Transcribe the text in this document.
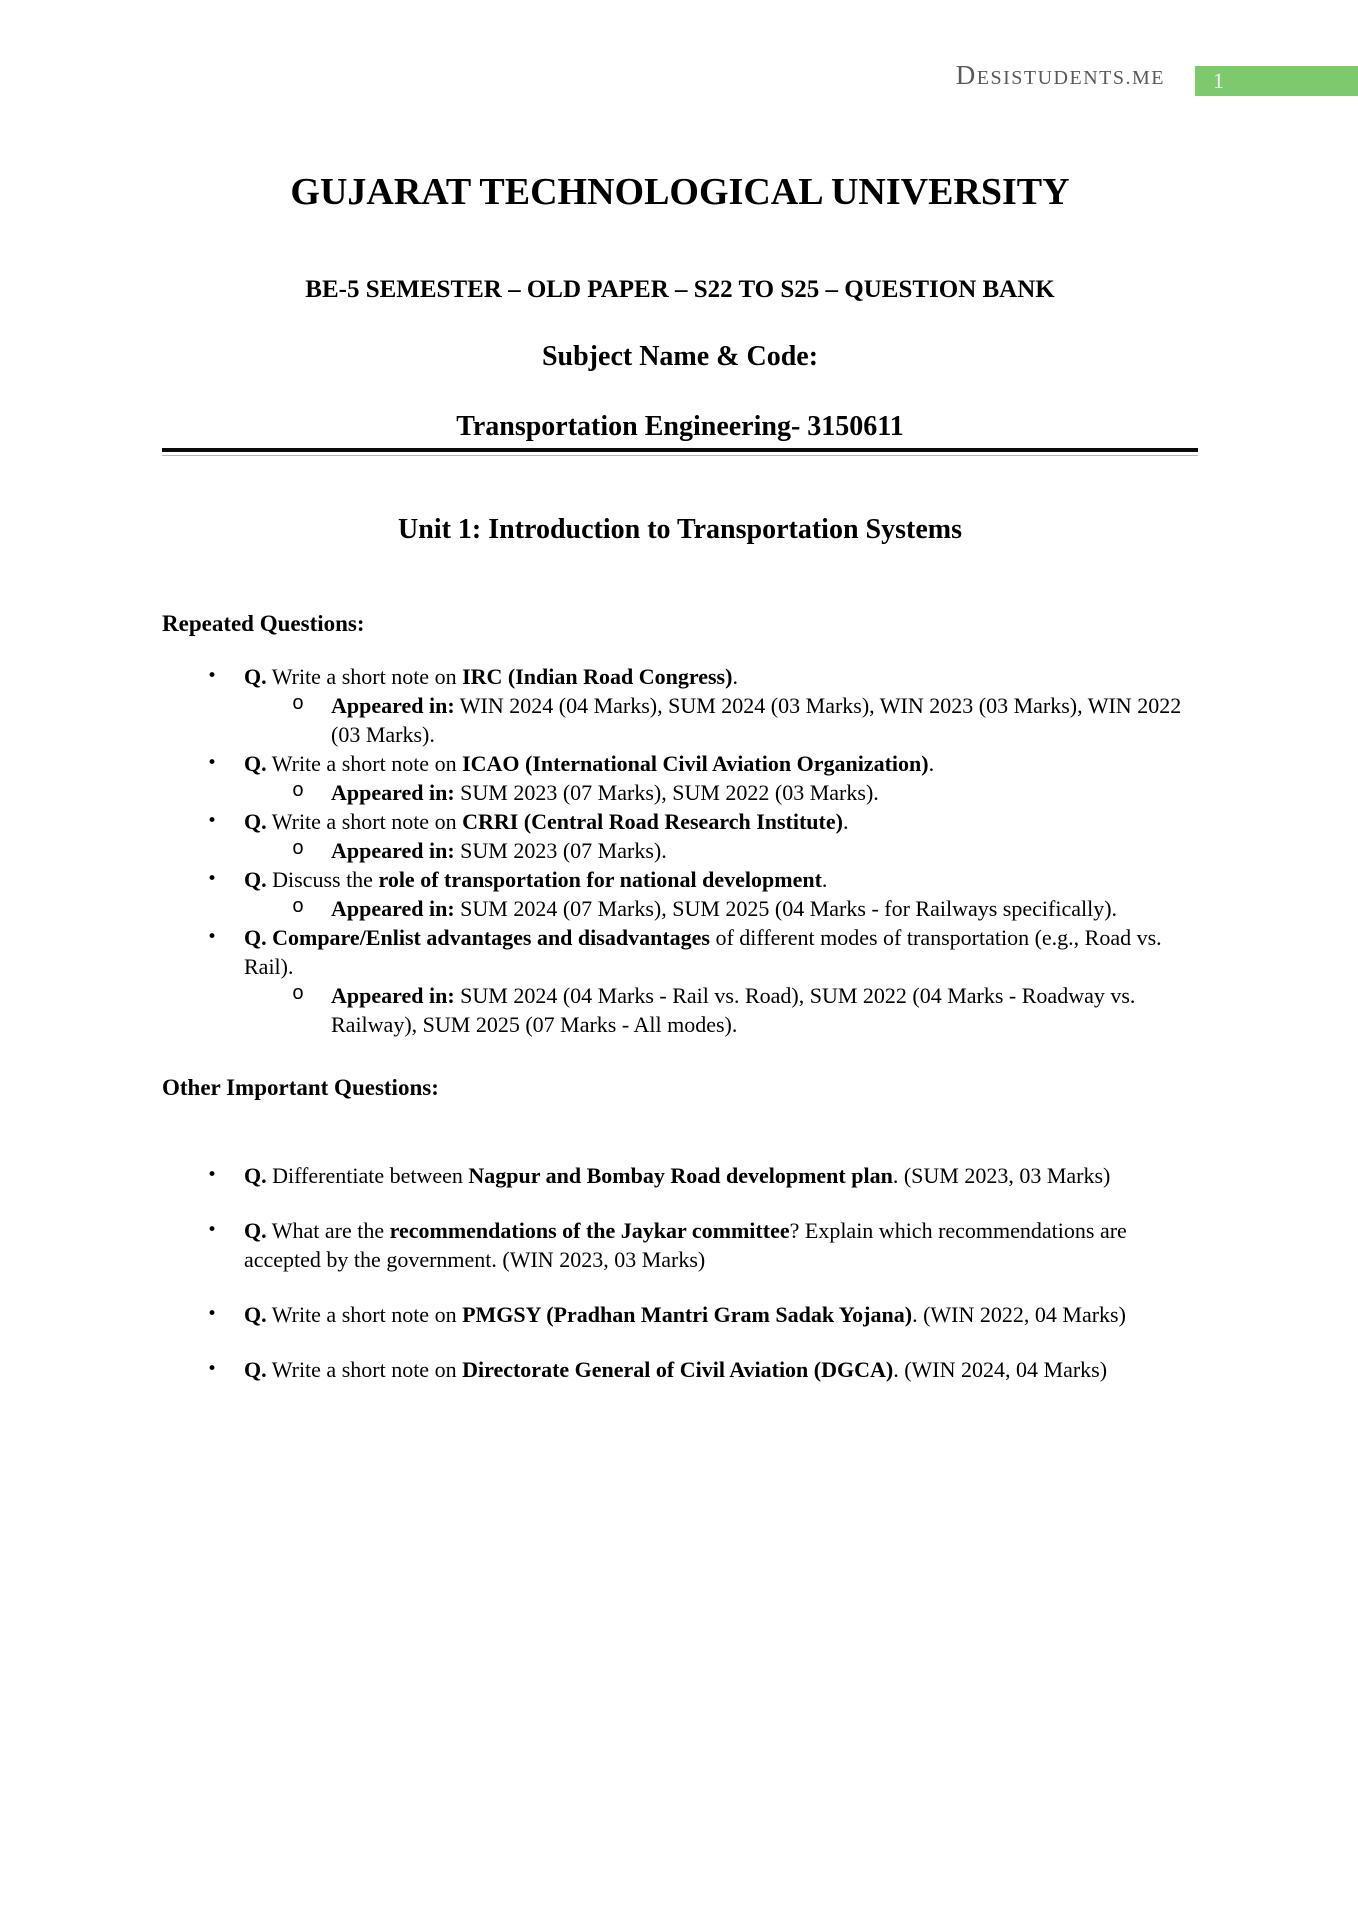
DESISTUDENTS.ME	1
GUJARAT TECHNOLOGICAL UNIVERSITY
BE-5 SEMESTER – OLD PAPER – S22 TO S25 – QUESTION BANK
Subject Name & Code:
Transportation Engineering- 3150611
Unit 1: Introduction to Transportation Systems
Repeated Questions:
• Q. Write a short note on IRC (Indian Road Congress).
o Appeared in: WIN 2024 (04 Marks), SUM 2024 (03 Marks), WIN 2023 (03 Marks), WIN 2022 (03 Marks).
• Q. Write a short note on ICAO (International Civil Aviation Organization).
o Appeared in: SUM 2023 (07 Marks), SUM 2022 (03 Marks).
• Q. Write a short note on CRRI (Central Road Research Institute).
o Appeared in: SUM 2023 (07 Marks).
• Q. Discuss the role of transportation for national development.
o Appeared in: SUM 2024 (07 Marks), SUM 2025 (04 Marks - for Railways specifically).
• Q. Compare/Enlist advantages and disadvantages of different modes of transportation (e.g., Road vs. Rail).
o Appeared in: SUM 2024 (04 Marks - Rail vs. Road), SUM 2022 (04 Marks - Roadway vs. Railway), SUM 2025 (07 Marks - All modes).
Other Important Questions:
• Q. Differentiate between Nagpur and Bombay Road development plan. (SUM 2023, 03 Marks)
• Q. What are the recommendations of the Jaykar committee? Explain which recommendations are accepted by the government. (WIN 2023, 03 Marks)
• Q. Write a short note on PMGSY (Pradhan Mantri Gram Sadak Yojana). (WIN 2022, 04 Marks)
• Q. Write a short note on Directorate General of Civil Aviation (DGCA). (WIN 2024, 04 Marks)
